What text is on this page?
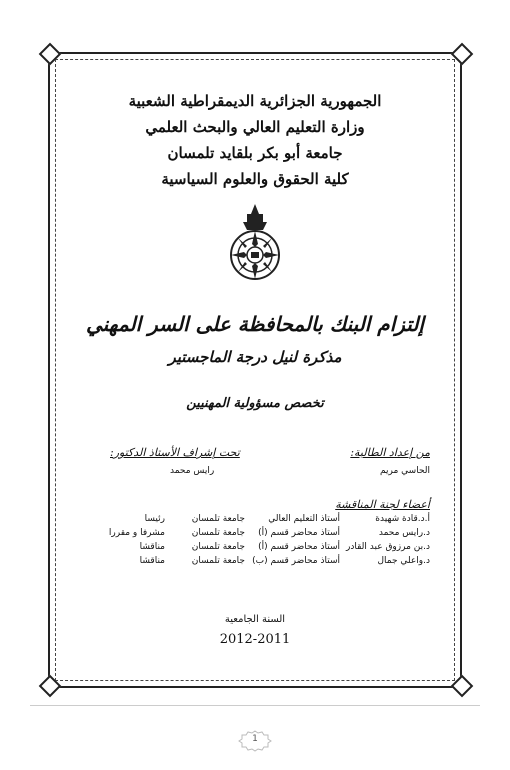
الجمهورية الجزائرية الديمقراطية الشعبية
وزارة التعليم العالي والبحث العلمي
جامعة أبو بكر بلقايد تلمسان
كلية الحقوق والعلوم السياسية
إلتزام البنك بالمحافظة على السر المهني
مذكرة لنيل درجة الماجستير
تخصص مسؤولية المهنيين
من إعداد الطالبة:
الحاسي مريم
تحت إشراف الأستاذ الدكتور:
رايس محمد
أعضاء لجنة المناقشة
أ.د.قادة شهيدة
أستاذ التعليم العالي
جامعة تلمسان
رئيسا
د.رايس محمد
أستاذ محاضر قسم (أ)
جامعة تلمسان
مشرفا و مقررا
د.بن مرزوق عبد القادر
أستاذ محاضر قسم (أ)
جامعة تلمسان
مناقشا
د.واعلي جمال
أستاذ محاضر قسم (ب)
جامعة تلمسان
مناقشا
السنة الجامعية
2012-2011
1
